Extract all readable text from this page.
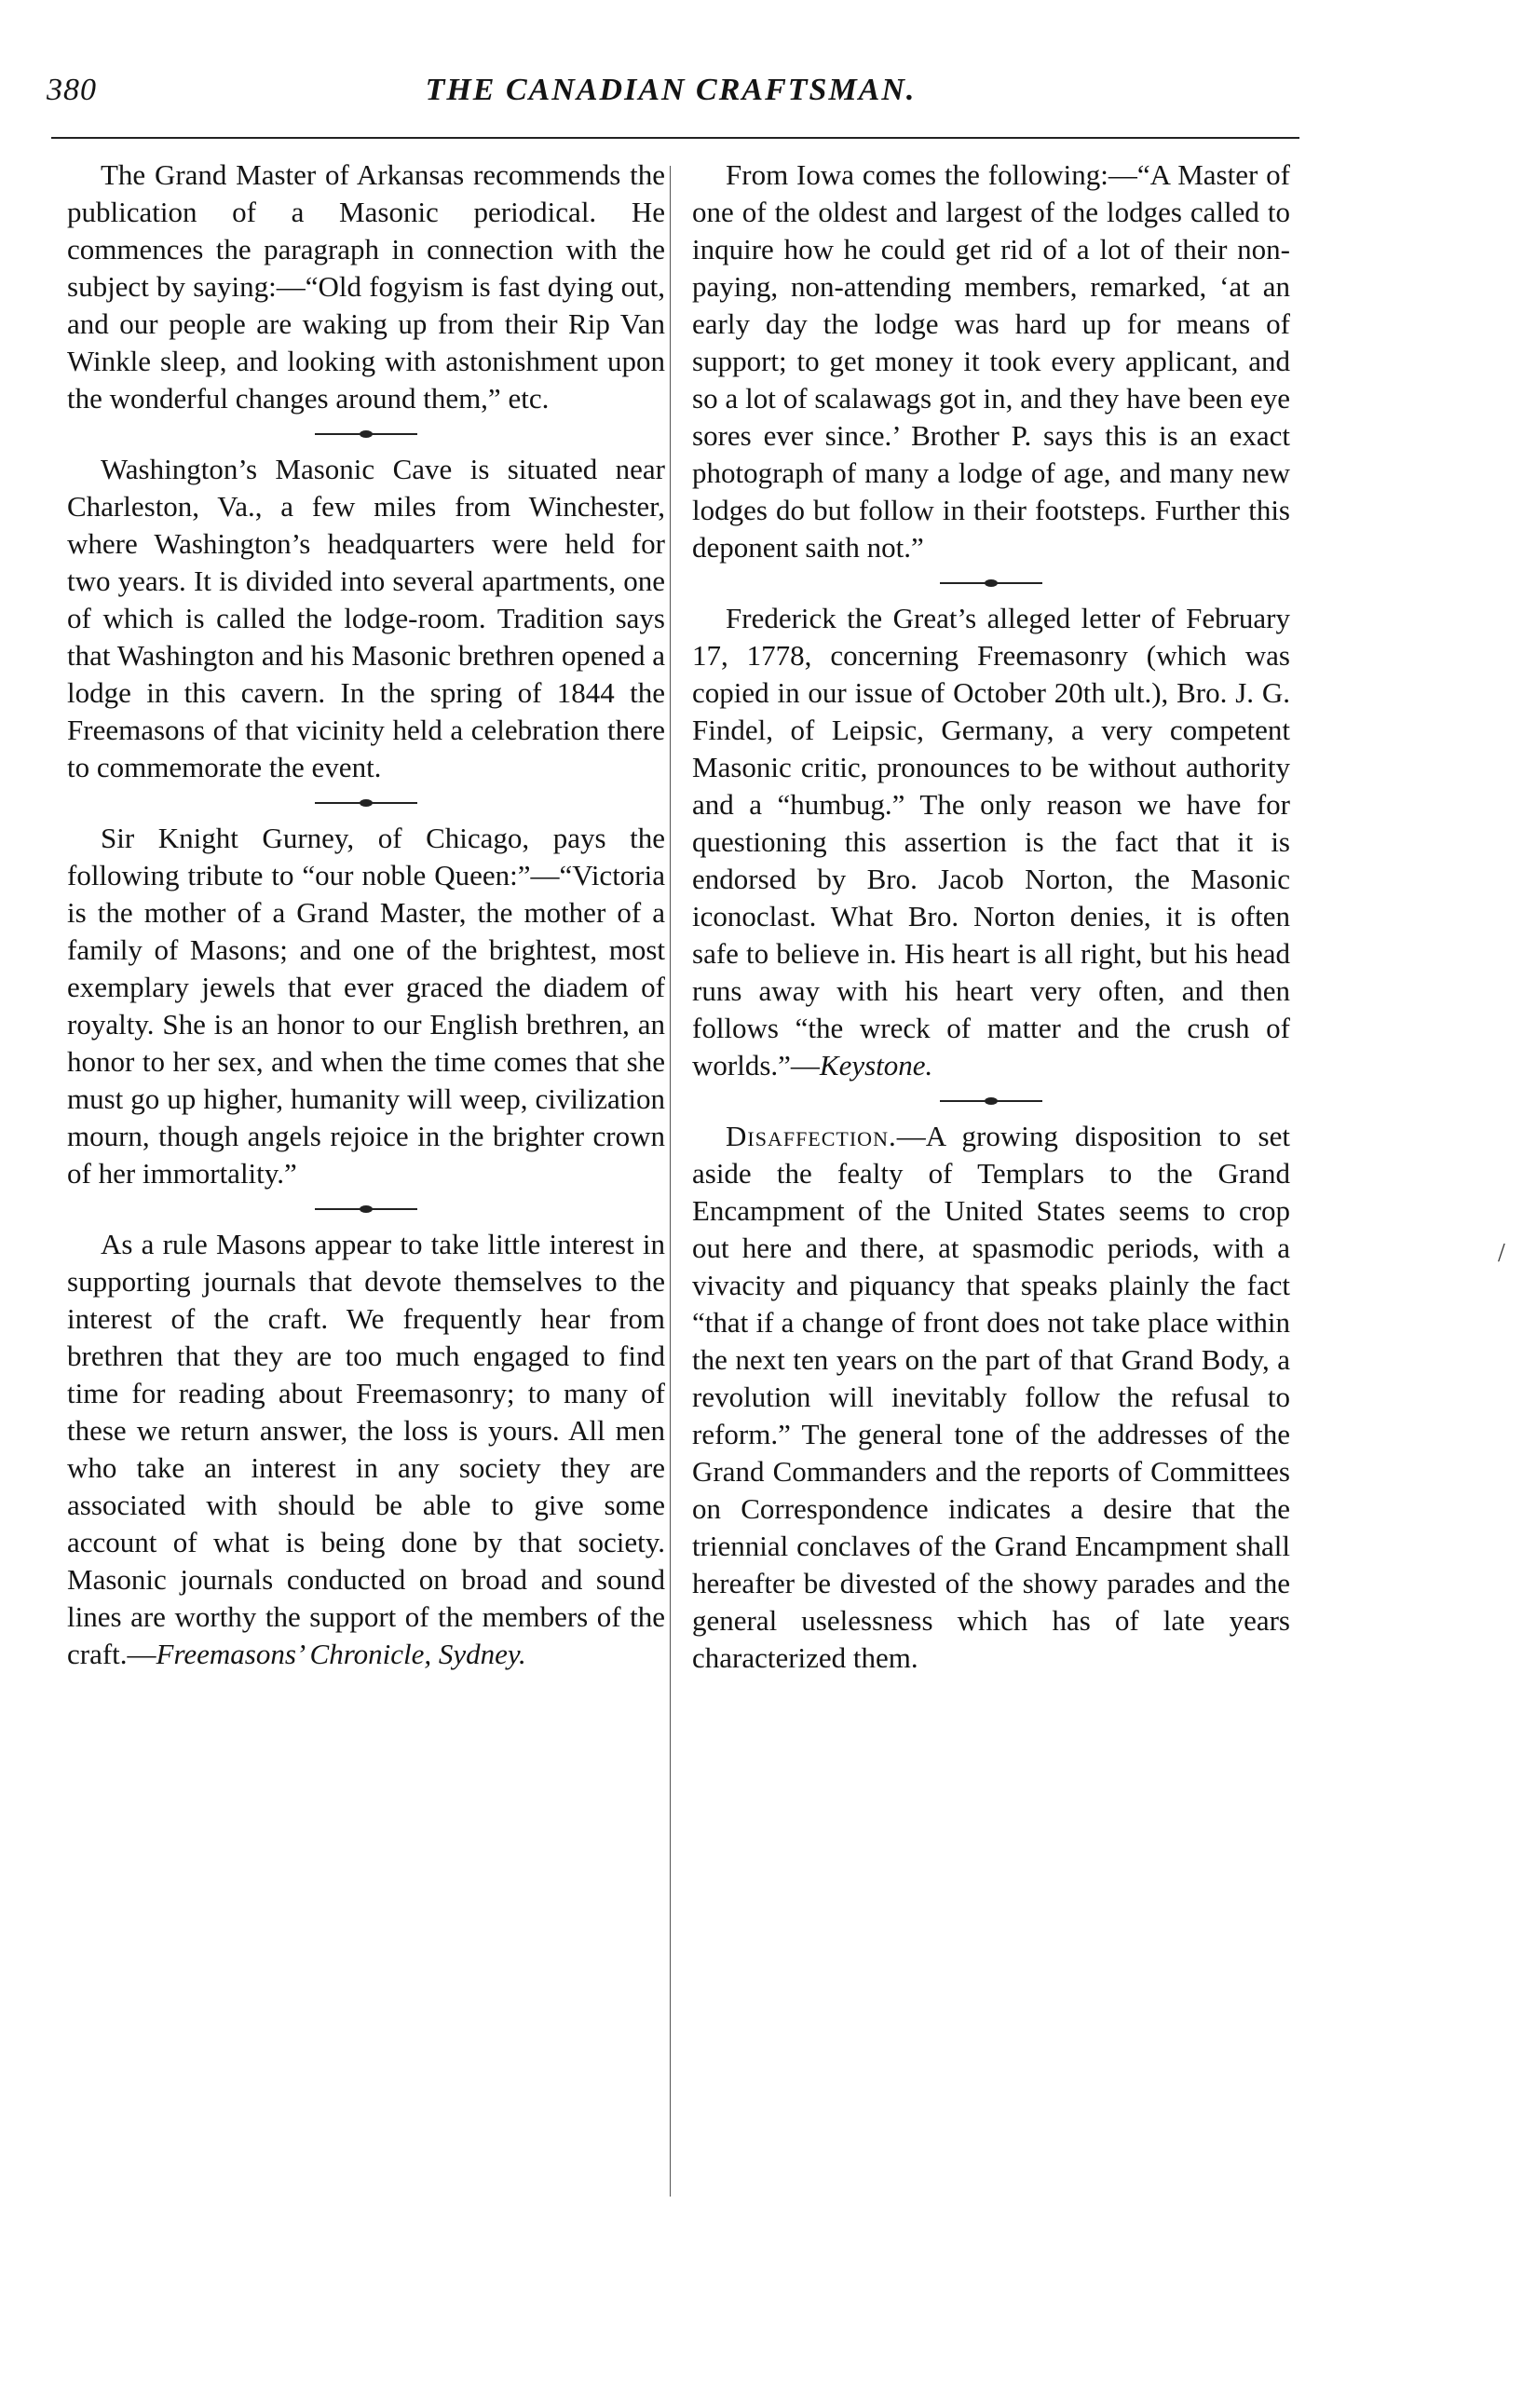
380	THE CANADIAN CRAFTSMAN.

The Grand Master of Arkansas recommends the publication of a Masonic periodical. He commences the paragraph in connection with the subject by saying:—“Old fogyism is fast dying out, and our people are waking up from their Rip Van Winkle sleep, and looking with astonishment upon the wonderful changes around them,” etc.

Washington’s Masonic Cave is situated near Charleston, Va., a few miles from Winchester, where Washington’s headquarters were held for two years. It is divided into several apartments, one of which is called the lodge-room. Tradition says that Washington and his Masonic brethren opened a lodge in this cavern. In the spring of 1844 the Freemasons of that vicinity held a celebration there to commemorate the event.

Sir Knight Gurney, of Chicago, pays the following tribute to “our noble Queen:”—“Victoria is the mother of a Grand Master, the mother of a family of Masons; and one of the brightest, most exemplary jewels that ever graced the diadem of royalty. She is an honor to our English brethren, an honor to her sex, and when the time comes that she must go up higher, humanity will weep, civilization mourn, though angels rejoice in the brighter crown of her immortality.”

As a rule Masons appear to take little interest in supporting journals that devote themselves to the interest of the craft. We frequently hear from brethren that they are too much engaged to find time for reading about Freemasonry; to many of these we return answer, the loss is yours. All men who take an interest in any society they are associated with should be able to give some account of what is being done by that society. Masonic journals conducted on broad and sound lines are worthy the support of the members of the craft.—Freemasons’ Chronicle, Sydney.

From Iowa comes the following:—“A Master of one of the oldest and largest of the lodges called to inquire how he could get rid of a lot of their non-paying, non-attending members, remarked, ‘at an early day the lodge was hard up for means of support; to get money it took every applicant, and so a lot of scalawags got in, and they have been eye sores ever since.’ Brother P. says this is an exact photograph of many a lodge of age, and many new lodges do but follow in their footsteps. Further this deponent saith not.”

Frederick the Great’s alleged letter of February 17, 1778, concerning Freemasonry (which was copied in our issue of October 20th ult.), Bro. J. G. Findel, of Leipsic, Germany, a very competent Masonic critic, pronounces to be without authority and a “humbug.” The only reason we have for questioning this assertion is the fact that it is endorsed by Bro. Jacob Norton, the Masonic iconoclast. What Bro. Norton denies, it is often safe to believe in. His heart is all right, but his head runs away with his heart very often, and then follows “the wreck of matter and the crush of worlds.”—Keystone.

Disaffection.—A growing disposition to set aside the fealty of Templars to the Grand Encampment of the United States seems to crop out here and there, at spasmodic periods, with a vivacity and piquancy that speaks plainly the fact “that if a change of front does not take place within the next ten years on the part of that Grand Body, a revolution will inevitably follow the refusal to reform.” The general tone of the addresses of the Grand Commanders and the reports of Committees on Correspondence indicates a desire that the triennial conclaves of the Grand Encampment shall hereafter be divested of the showy parades and the general uselessness which has of late years characterized them.

/
